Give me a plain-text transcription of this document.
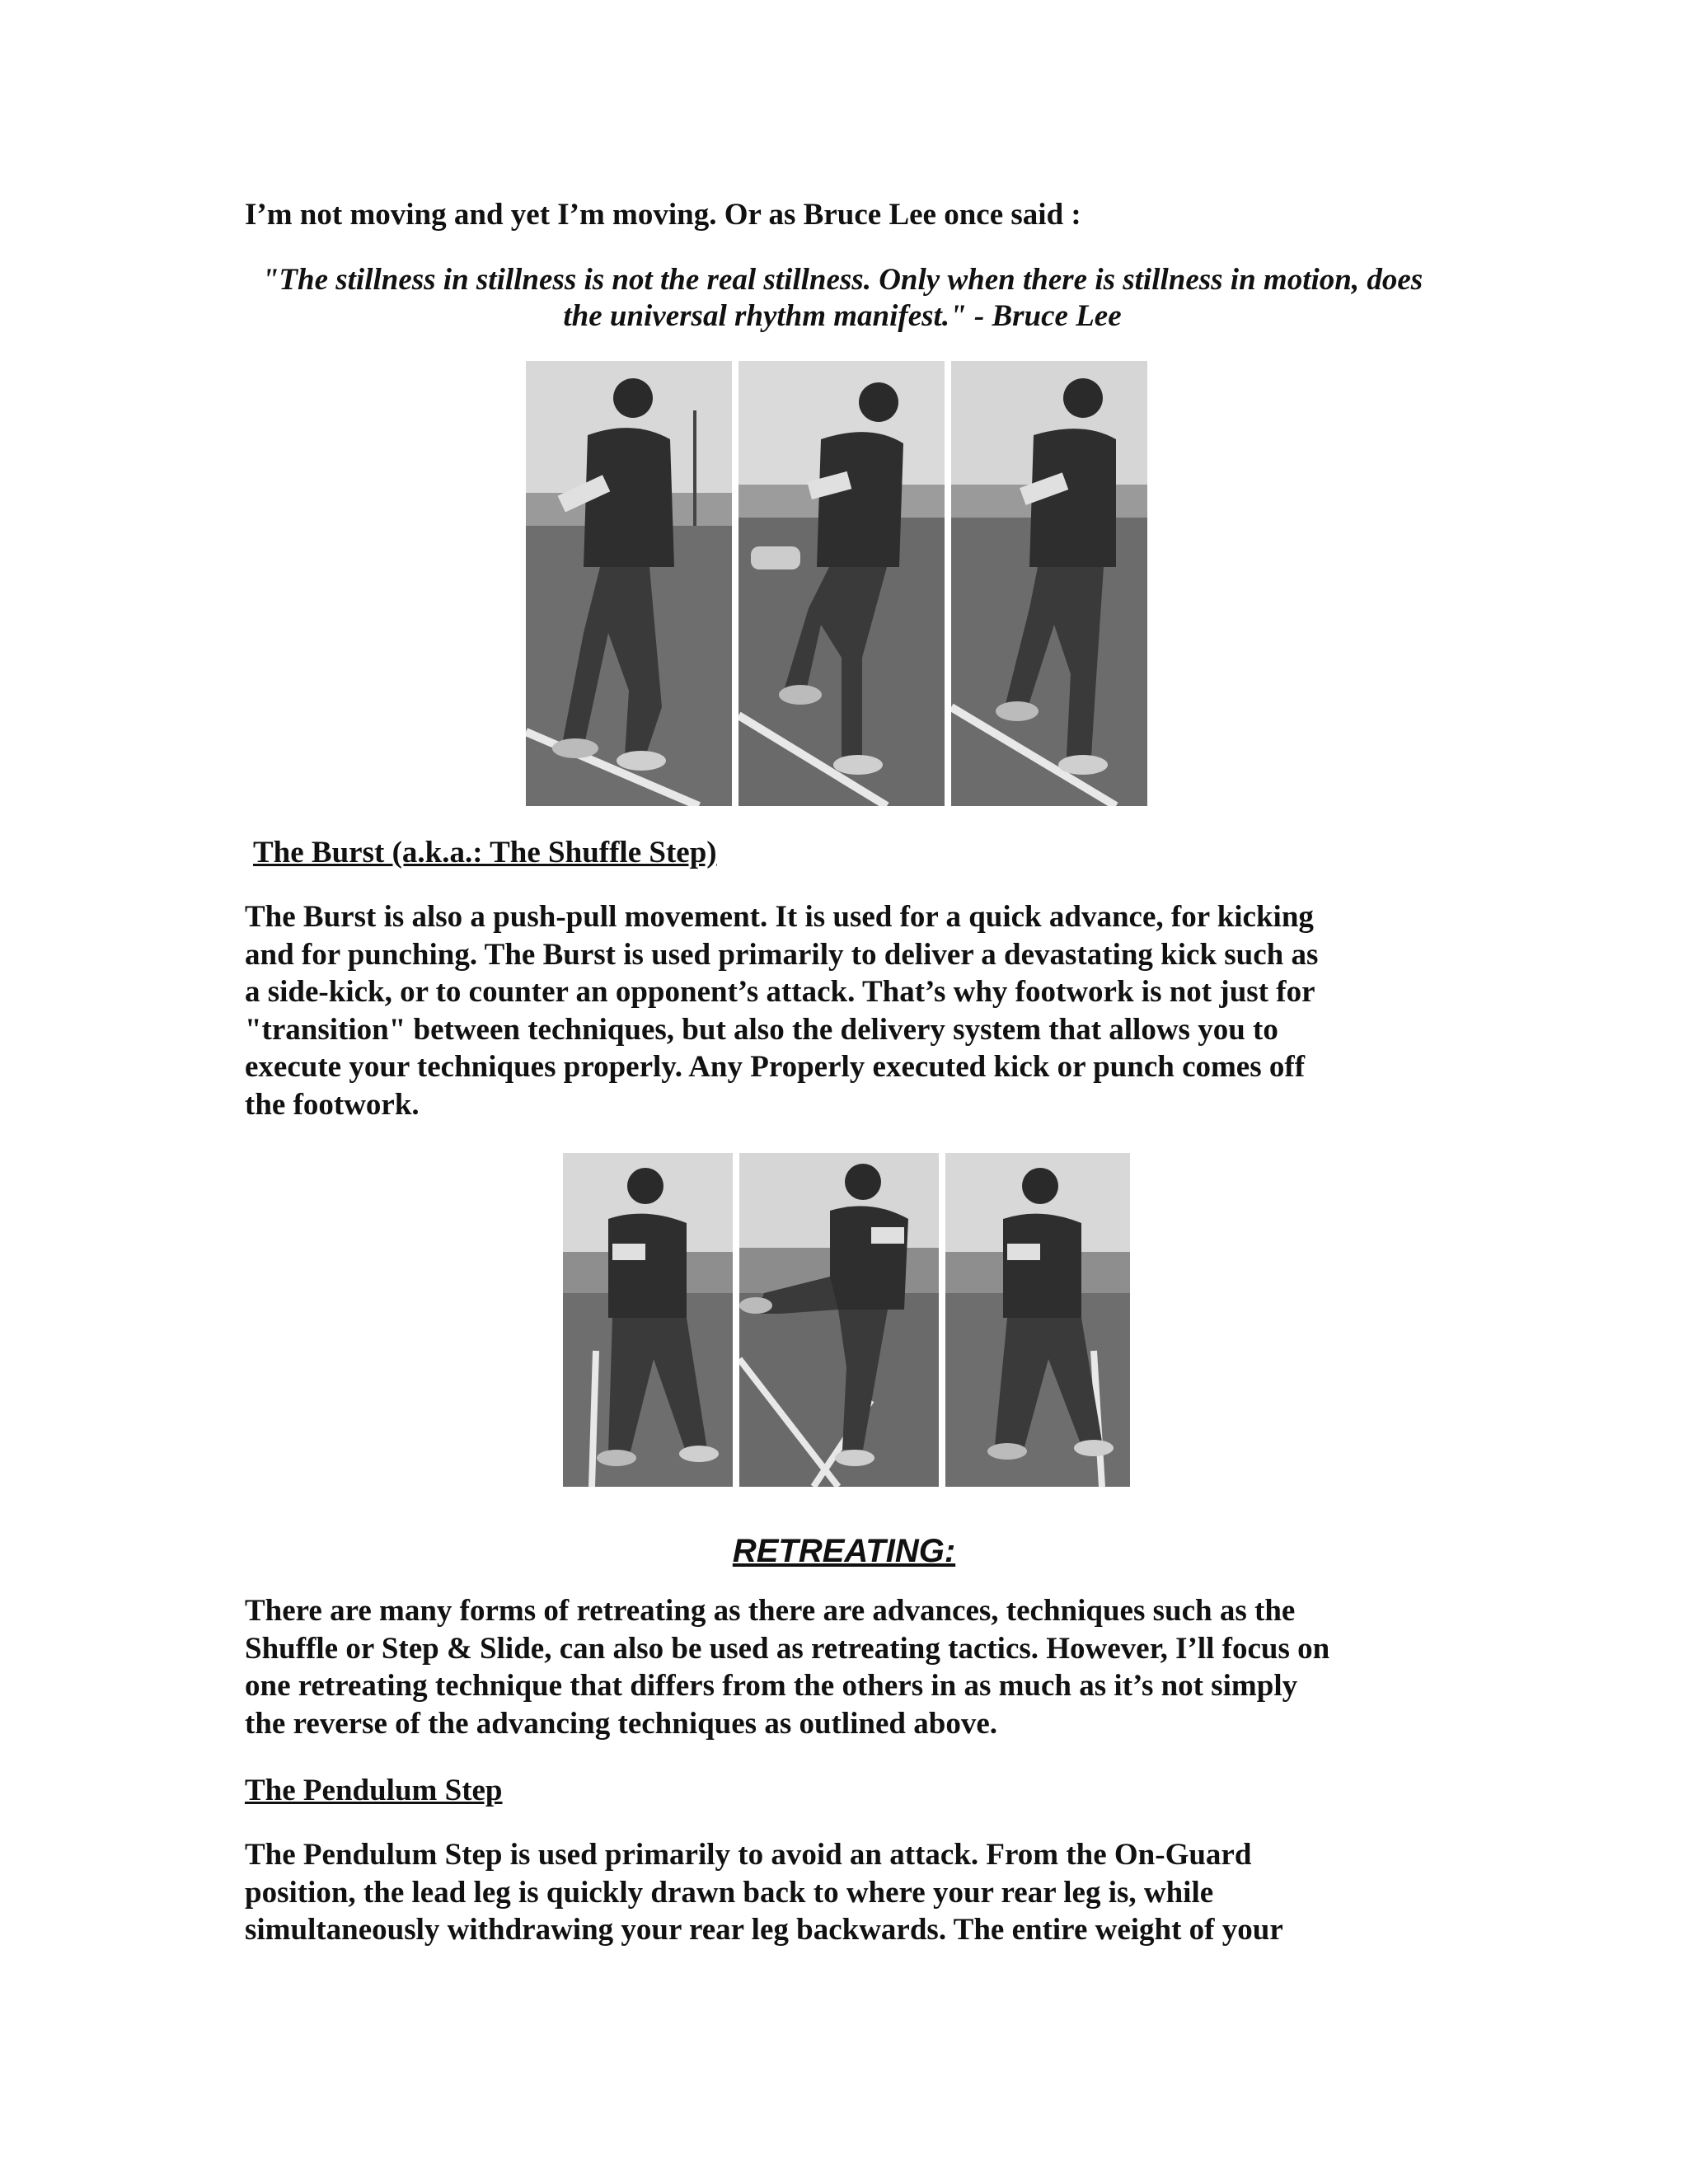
I’m not moving and yet I’m moving. Or as Bruce Lee once said :

"The stillness in stillness is not the real stillness. Only when there is stillness in motion, does the universal rhythm manifest." - Bruce Lee

The Burst (a.k.a.: The Shuffle Step)

The Burst is also a push-pull movement. It is used for a quick advance, for kicking
and for punching. The Burst is used primarily to deliver a devastating kick such as
a side-kick, or to counter an opponent’s attack. That’s why footwork is not just for
"transition" between techniques, but also the delivery system that allows you to
execute your techniques properly. Any Properly executed kick or punch comes off
the footwork.

RETREATING:

There are many forms of retreating as there are advances, techniques such as the
Shuffle or Step & Slide, can also be used as retreating tactics. However, I’ll focus on
one retreating technique that differs from the others in as much as it’s not simply
the reverse of the advancing techniques as outlined above.

The Pendulum Step

The Pendulum Step is used primarily to avoid an attack. From the On-Guard
position, the lead leg is quickly drawn back to where your rear leg is, while
simultaneously withdrawing your rear leg backwards. The entire weight of your
